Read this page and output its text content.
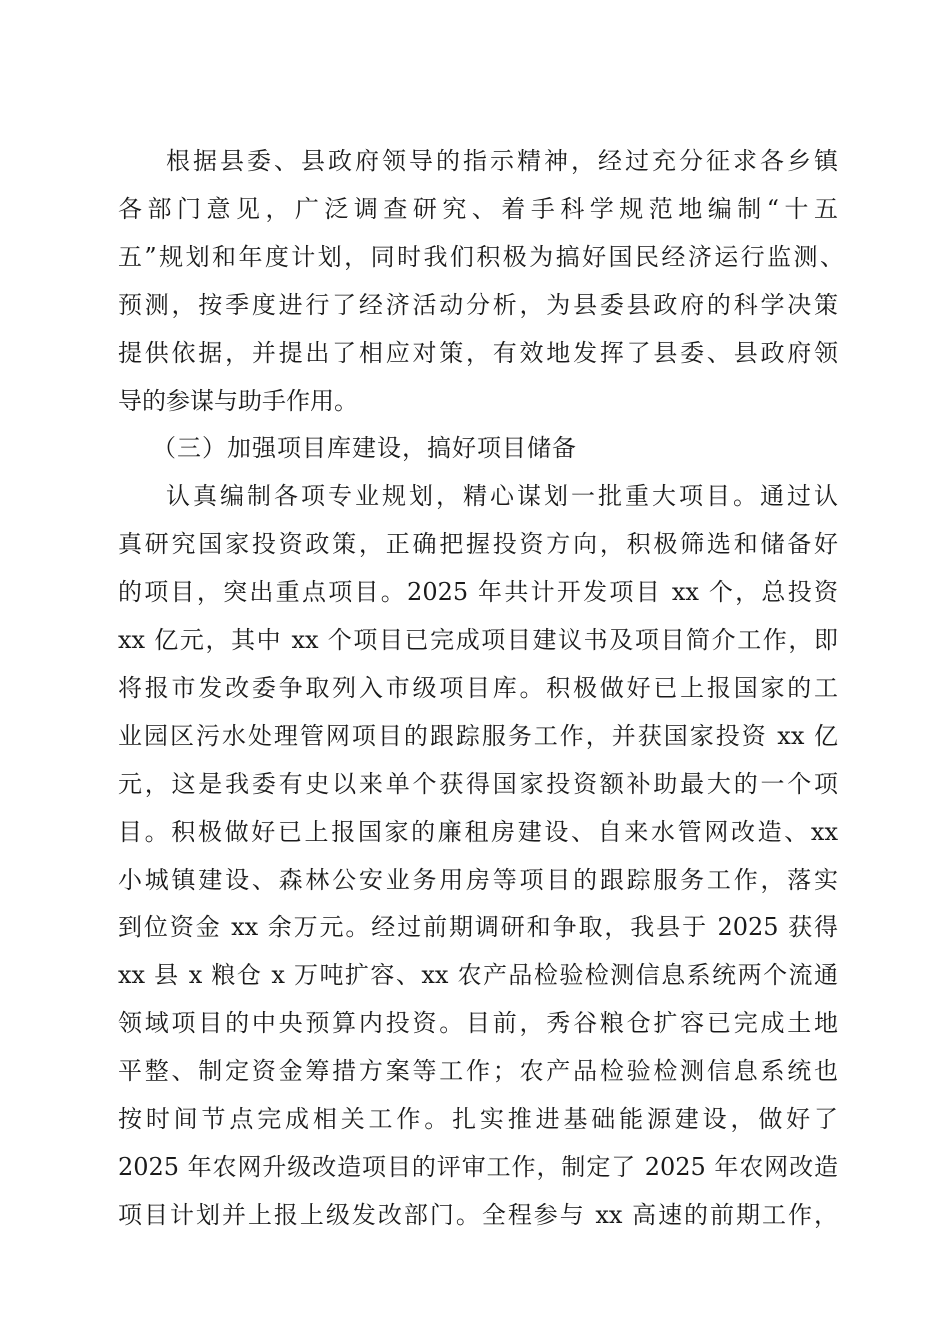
根据县委、县政府领导的指示精神，经过充分征求各乡镇
各部门意见，广泛调查研究、着手科学规范地编制“十五
五”规划和年度计划，同时我们积极为搞好国民经济运行监测、
预测，按季度进行了经济活动分析，为县委县政府的科学决策
提供依据，并提出了相应对策，有效地发挥了县委、县政府领
导的参谋与助手作用。
（三）加强项目库建设，搞好项目储备
认真编制各项专业规划，精心谋划一批重大项目。通过认
真研究国家投资政策，正确把握投资方向，积极筛选和储备好
的项目，突出重点项目。2025 年共计开发项目 xx 个，总投资
xx 亿元，其中 xx 个项目已完成项目建议书及项目简介工作，即
将报市发改委争取列入市级项目库。积极做好已上报国家的工
业园区污水处理管网项目的跟踪服务工作，并获国家投资 xx 亿
元，这是我委有史以来单个获得国家投资额补助最大的一个项
目。积极做好已上报国家的廉租房建设、自来水管网改造、xx
小城镇建设、森林公安业务用房等项目的跟踪服务工作，落实
到位资金 xx 余万元。经过前期调研和争取，我县于 2025 获得
xx 县 x 粮仓 x 万吨扩容、xx 农产品检验检测信息系统两个流通
领域项目的中央预算内投资。目前，秀谷粮仓扩容已完成土地
平整、制定资金筹措方案等工作；农产品检验检测信息系统也
按时间节点完成相关工作。扎实推进基础能源建设，做好了
2025 年农网升级改造项目的评审工作，制定了 2025 年农网改造
项目计划并上报上级发改部门。全程参与 xx 高速的前期工作，
